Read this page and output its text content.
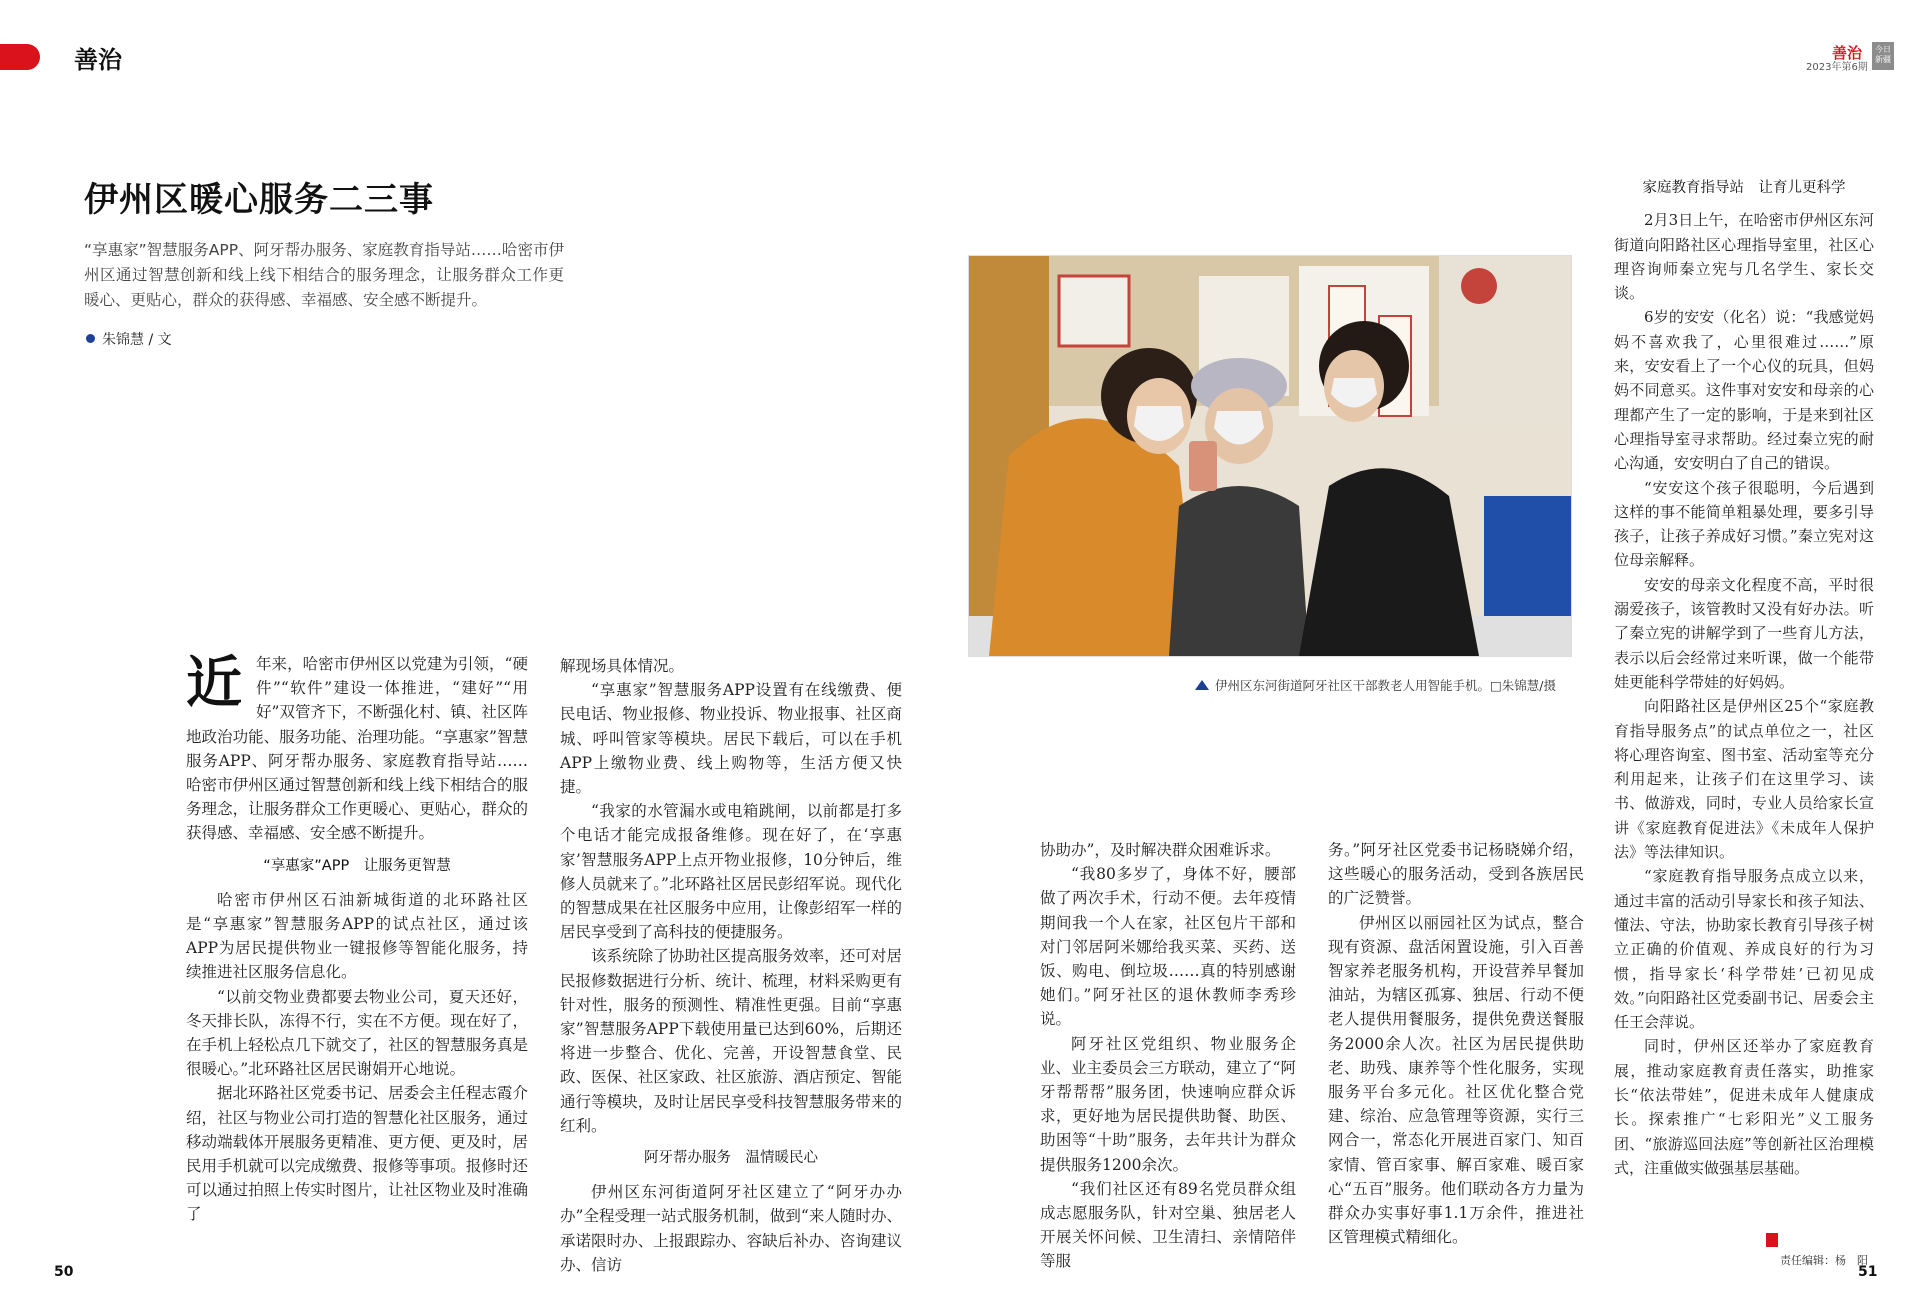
善治	善治
2023年第6期
今日新疆
伊州区暖心服务二三事
“享惠家”智慧服务APP、阿牙帮办服务、家庭教育指导站……哈密市伊州区通过智慧创新和线上线下相结合的服务理念，让服务群众工作更暖心、更贴心，群众的获得感、幸福感、安全感不断提升。
朱锦慧 / 文
伊州区东河街道阿牙社区干部教老人用智能手机。□朱锦慧/摄

近年来，哈密市伊州区以党建为引领，“硬件”“软件”建设一体推进，“建好”“用好”双管齐下，不断强化村、镇、社区阵地政治功能、服务功能、治理功能。“享惠家”智慧服务APP、阿牙帮办服务、家庭教育指导站……哈密市伊州区通过智慧创新和线上线下相结合的服务理念，让服务群众工作更暖心、更贴心，群众的获得感、幸福感、安全感不断提升。

“享惠家”APP　让服务更智慧

哈密市伊州区石油新城街道的北环路社区是“享惠家”智慧服务APP的试点社区，通过该APP为居民提供物业一键报修等智能化服务，持续推进社区服务信息化。

“以前交物业费都要去物业公司，夏天还好，冬天排长队，冻得不行，实在不方便。现在好了，在手机上轻松点几下就交了，社区的智慧服务真是很暖心。”北环路社区居民谢娟开心地说。

据北环路社区党委书记、居委会主任程志霞介绍，社区与物业公司打造的智慧化社区服务，通过移动端载体开展服务更精准、更方便、更及时，居民用手机就可以完成缴费、报修等事项。报修时还可以通过拍照上传实时图片，让社区物业及时准确了

解现场具体情况。

“享惠家”智慧服务APP设置有在线缴费、便民电话、物业报修、物业投诉、物业报事、社区商城、呼叫管家等模块。居民下载后，可以在手机APP上缴物业费、线上购物等，生活方便又快捷。

“我家的水管漏水或电箱跳闸，以前都是打多个电话才能完成报备维修。现在好了，在‘享惠家’智慧服务APP上点开物业报修，10分钟后，维修人员就来了。”北环路社区居民彭绍军说。现代化的智慧成果在社区服务中应用，让像彭绍军一样的居民享受到了高科技的便捷服务。

该系统除了协助社区提高服务效率，还可对居民报修数据进行分析、统计、梳理，材料采购更有针对性，服务的预测性、精准性更强。目前“享惠家”智慧服务APP下载使用量已达到60%，后期还将进一步整合、优化、完善，开设智慧食堂、民政、医保、社区家政、社区旅游、酒店预定、智能通行等模块，及时让居民享受科技智慧服务带来的红利。

阿牙帮办服务　温情暖民心

伊州区东河街道阿牙社区建立了“阿牙办办办”全程受理一站式服务机制，做到“来人随时办、承诺限时办、上报跟踪办、容缺后补办、咨询建议办、信访

协助办”，及时解决群众困难诉求。

“我80多岁了，身体不好，腰部做了两次手术，行动不便。去年疫情期间我一个人在家，社区包片干部和对门邻居阿米娜给我买菜、买药、送饭、购电、倒垃圾……真的特别感谢她们。”阿牙社区的退休教师李秀珍说。

阿牙社区党组织、物业服务企业、业主委员会三方联动，建立了“阿牙帮帮帮”服务团，快速响应群众诉求，更好地为居民提供助餐、助医、助困等“十助”服务，去年共计为群众提供服务1200余次。

“我们社区还有89名党员群众组成志愿服务队，针对空巢、独居老人开展关怀问候、卫生清扫、亲情陪伴等服

务。”阿牙社区党委书记杨晓娣介绍，这些暖心的服务活动，受到各族居民的广泛赞誉。

伊州区以丽园社区为试点，整合现有资源、盘活闲置设施，引入百善智家养老服务机构，开设营养早餐加油站，为辖区孤寡、独居、行动不便老人提供用餐服务，提供免费送餐服务2000余人次。社区为居民提供助老、助残、康养等个性化服务，实现服务平台多元化。社区优化整合党建、综治、应急管理等资源，实行三网合一，常态化开展进百家门、知百家情、管百家事、解百家难、暖百家心“五百”服务。他们联动各方力量为群众办实事好事1.1万余件，推进社区管理模式精细化。

家庭教育指导站　让育儿更科学

2月3日上午，在哈密市伊州区东河街道向阳路社区心理指导室里，社区心理咨询师秦立宪与几名学生、家长交谈。

6岁的安安（化名）说：“我感觉妈妈不喜欢我了，心里很难过……”原来，安安看上了一个心仪的玩具，但妈妈不同意买。这件事对安安和母亲的心理都产生了一定的影响，于是来到社区心理指导室寻求帮助。经过秦立宪的耐心沟通，安安明白了自己的错误。

“安安这个孩子很聪明，今后遇到这样的事不能简单粗暴处理，要多引导孩子，让孩子养成好习惯。”秦立宪对这位母亲解释。

安安的母亲文化程度不高，平时很溺爱孩子，该管教时又没有好办法。听了秦立宪的讲解学到了一些育儿方法，表示以后会经常过来听课，做一个能带娃更能科学带娃的好妈妈。

向阳路社区是伊州区25个“家庭教育指导服务点”的试点单位之一，社区将心理咨询室、图书室、活动室等充分利用起来，让孩子们在这里学习、读书、做游戏，同时，专业人员给家长宣讲《家庭教育促进法》《未成年人保护法》等法律知识。

“家庭教育指导服务点成立以来，通过丰富的活动引导家长和孩子知法、懂法、守法，协助家长教育引导孩子树立正确的价值观、养成良好的行为习惯，指导家长‘科学带娃’已初见成效。”向阳路社区党委副书记、居委会主任王会萍说。

同时，伊州区还举办了家庭教育展，推动家庭教育责任落实，助推家长“依法带娃”，促进未成年人健康成长。探索推广“七彩阳光”义工服务团、“旅游巡回法庭”等创新社区治理模式，注重做实做强基层基础。

50	51
责任编辑：杨　阳
